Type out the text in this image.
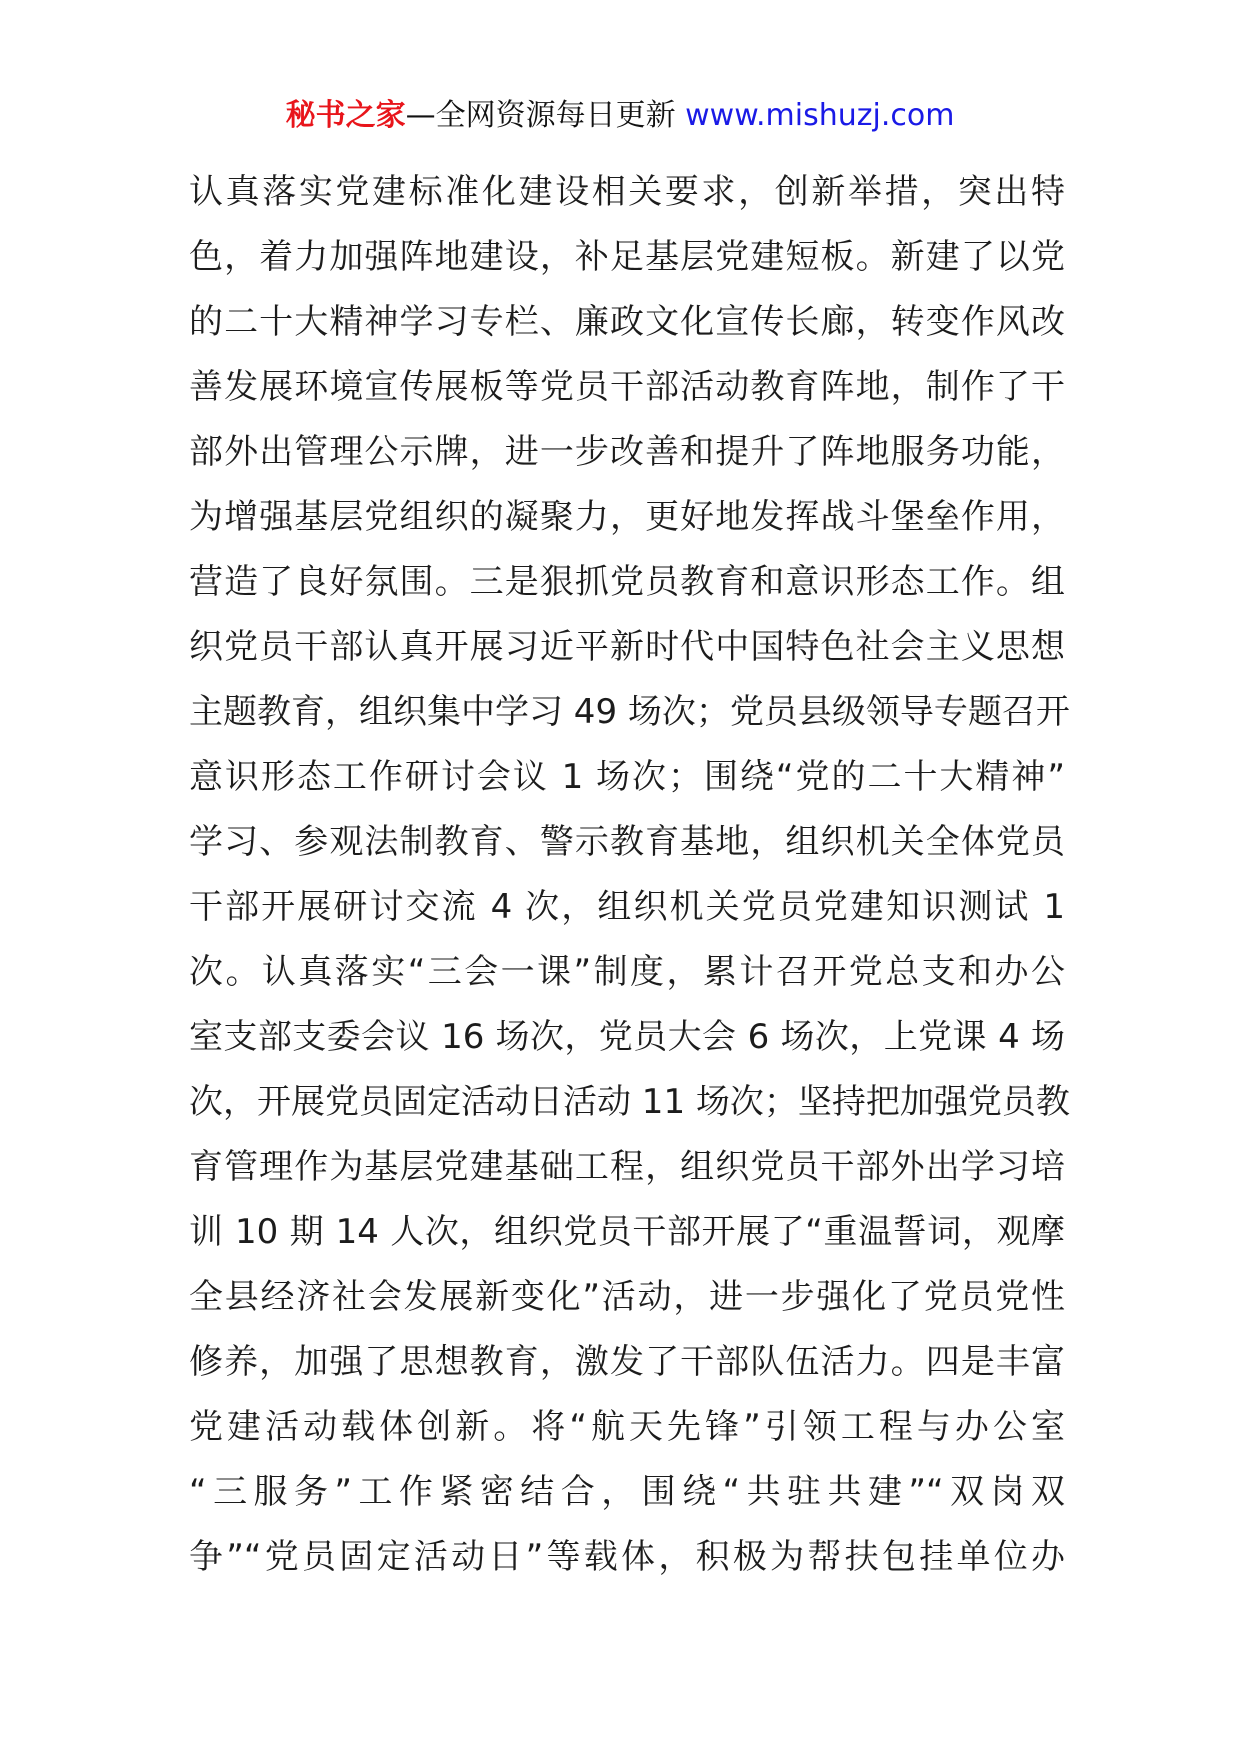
秘书之家—全网资源每日更新 www.mishuzj.com
认真落实党建标准化建设相关要求，创新举措，突出特
色，着力加强阵地建设，补足基层党建短板。新建了以党
的二十大精神学习专栏、廉政文化宣传长廊，转变作风改
善发展环境宣传展板等党员干部活动教育阵地，制作了干
部外出管理公示牌，进一步改善和提升了阵地服务功能，
为增强基层党组织的凝聚力，更好地发挥战斗堡垒作用，
营造了良好氛围。三是狠抓党员教育和意识形态工作。组
织党员干部认真开展习近平新时代中国特色社会主义思想
主题教育，组织集中学习 49 场次；党员县级领导专题召开
意识形态工作研讨会议 1 场次；围绕“党的二十大精神”
学习、参观法制教育、警示教育基地，组织机关全体党员
干部开展研讨交流 4 次，组织机关党员党建知识测试 1
次。认真落实“三会一课”制度，累计召开党总支和办公
室支部支委会议 16 场次，党员大会 6 场次，上党课 4 场
次，开展党员固定活动日活动 11 场次；坚持把加强党员教
育管理作为基层党建基础工程，组织党员干部外出学习培
训 10 期 14 人次，组织党员干部开展了“重温誓词，观摩
全县经济社会发展新变化”活动，进一步强化了党员党性
修养，加强了思想教育，激发了干部队伍活力。四是丰富
党建活动载体创新。将“航天先锋”引领工程与办公室
“三服务”工作紧密结合，围绕“共驻共建”“双岗双
争”“党员固定活动日”等载体，积极为帮扶包挂单位办
